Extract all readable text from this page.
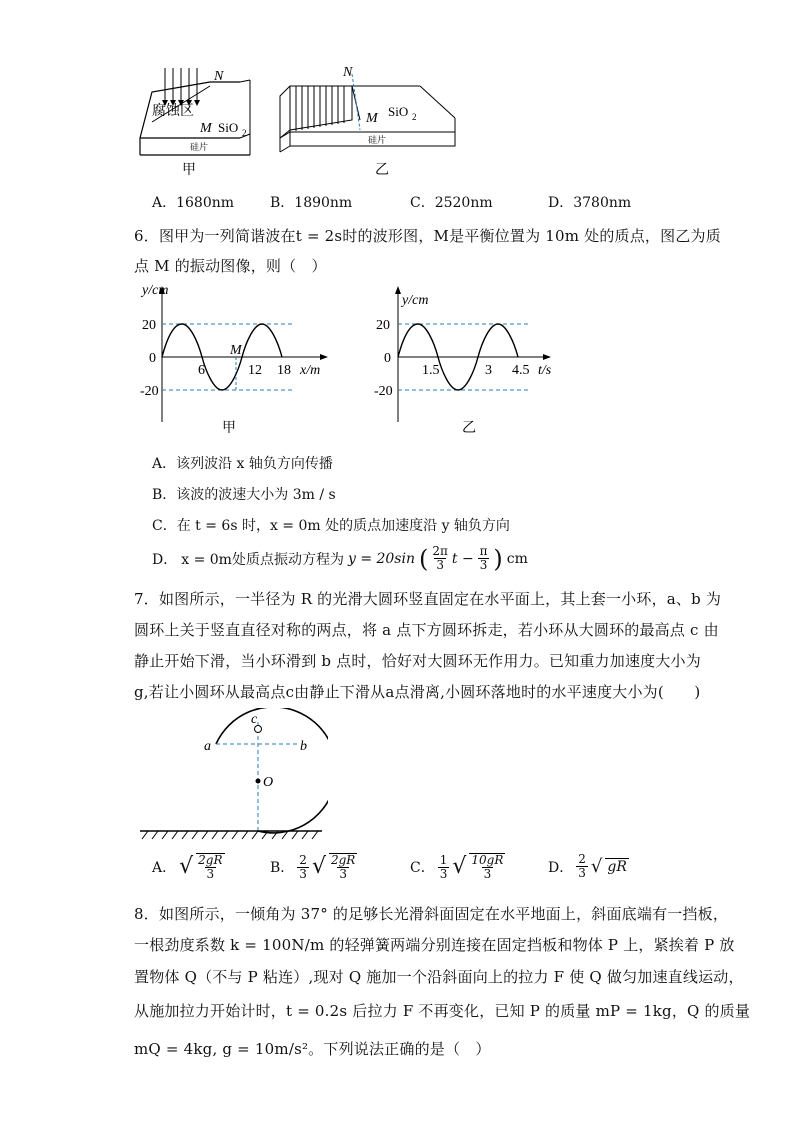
N
腐蚀区
M SiO 2
硅片
甲
N
M SiO 2
硅片
乙
A．1680nm	B．1890nm	C．2520nm	D．3780nm
6．图甲为一列简谐波在t = 2s时的波形图，M是平衡位置为 10m 处的质点，图乙为质
点 M 的振动图像，则（　）
y/cm
20
0
-20
6
M
12 18 x/m
甲
y/cm
20
0
-20
1.5	3 4.5 t/s
乙
A．该列波沿 x 轴负方向传播
B．该波的波速大小为 3m / s
C．在 t = 6s 时，x = 0m 处的质点加速度沿 y 轴负方向
D． x = 0m处质点振动方程为 y = 20sin ( $\frac{2\pi}{3}$ $t - \frac{\pi}{3}$ ) cm
7．如图所示，一半径为 R 的光滑大圆环竖直固定在水平面上，其上套一小环，a、b 为
圆环上关于竖直直径对称的两点，将 a 点下方圆环拆走，若小环从大圆环的最高点 c 由
静止开始下滑，当小环滑到 b 点时，恰好对大圆环无作用力。已知重力加速度大小为
g,若让小圆环从最高点c由静止下滑从a点滑离,小圆环落地时的水平速度大小为(　　)
a	b
c
O
A． √ $\frac{2gR}{3}$	B． $\frac{2}{3}$ √ $\frac{2gR}{3}$	C． $\frac{1}{3}$ √ $\frac{10gR}{3}$	D． $\frac{2}{3}$ √ gR
8．如图所示，一倾角为 37° 的足够长光滑斜面固定在水平地面上，斜面底端有一挡板，
一根劲度系数 k = 100N/m 的轻弹簧两端分别连接在固定挡板和物体 P 上，紧挨着 P 放
置物体 Q（不与 P 粘连）,现对 Q 施加一个沿斜面向上的拉力 F 使 Q 做匀加速直线运动，
从施加拉力开始计时，t = 0.2s 后拉力 F 不再变化，已知 P 的质量 mP = 1kg，Q 的质量
mQ = 4kg, g = 10m/s²。下列说法正确的是（　）
